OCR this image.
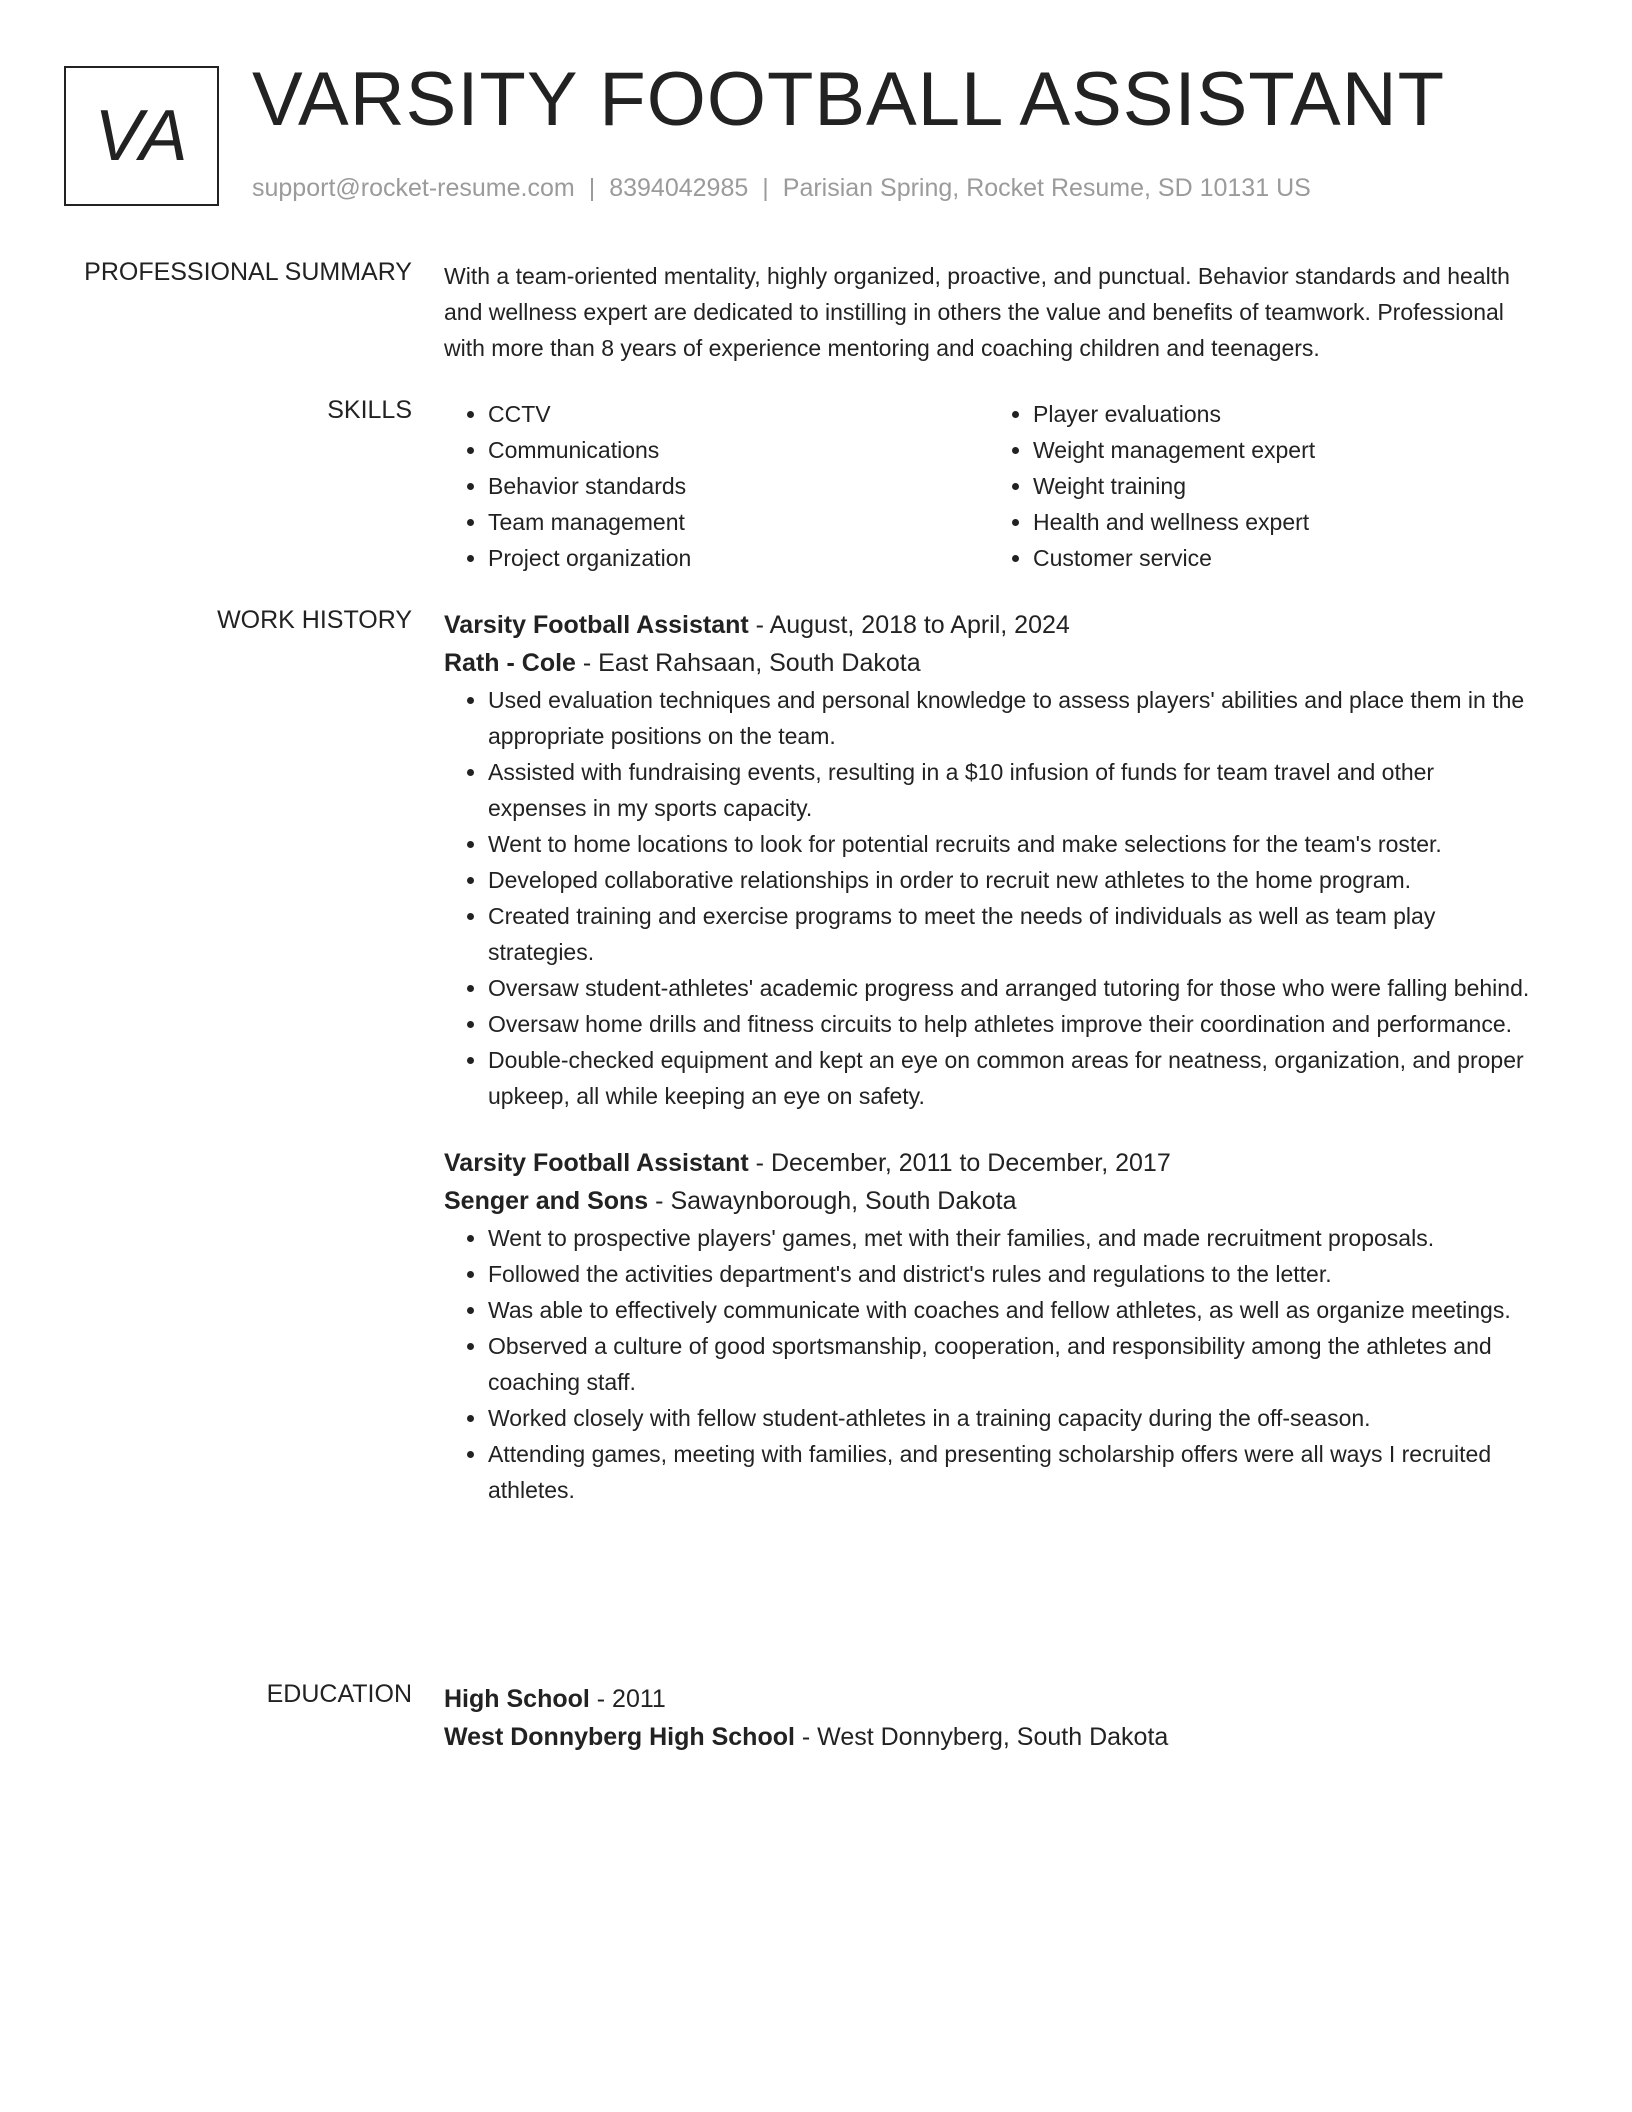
VA VARSITY FOOTBALL ASSISTANT
support@rocket-resume.com | 8394042985 | Parisian Spring, Rocket Resume, SD 10131 US
PROFESSIONAL SUMMARY With a team-oriented mentality, highly organized, proactive, and punctual. Behavior standards and health and wellness expert are dedicated to instilling in others the value and benefits of teamwork. Professional with more than 8 years of experience mentoring and coaching children and teenagers.

SKILLS
•	CCTV
• Communications
• Behavior standards
• Team management
• Project organization
• Player evaluations
• Weight management expert
• Weight training
• Health and wellness expert
• Customer service
WORK HISTORY Varsity Football Assistant - August, 2018 to April, 2024
Rath - Cole - East Rahsaan, South Dakota
• Used evaluation techniques and personal knowledge to assess players' abilities and place them in the appropriate positions on the team.
• Assisted with fundraising events, resulting in a $10 infusion of funds for team travel and other expenses in my sports capacity.
• Went to home locations to look for potential recruits and make selections for the team's roster.
• Developed collaborative relationships in order to recruit new athletes to the home program.
• Created training and exercise programs to meet the needs of individuals as well as team play strategies.
• Oversaw student-athletes' academic progress and arranged tutoring for those who were falling behind.
• Oversaw home drills and fitness circuits to help athletes improve their coordination and performance.
• Double-checked equipment and kept an eye on common areas for neatness, organization, and proper upkeep, all while keeping an eye on safety.
Varsity Football Assistant - December, 2011 to December, 2017
Senger and Sons - Sawaynborough, South Dakota
• Went to prospective players' games, met with their families, and made recruitment proposals.
• Followed the activities department's and district's rules and regulations to the letter.
• Was able to effectively communicate with coaches and fellow athletes, as well as organize meetings.
• Observed a culture of good sportsmanship, cooperation, and responsibility among the athletes and coaching staff.
• Worked closely with fellow student-athletes in a training capacity during the off-season.
• Attending games, meeting with families, and presenting scholarship offers were all ways I recruited athletes.
EDUCATION High School - 2011
West Donnyberg High School - West Donnyberg, South Dakota
